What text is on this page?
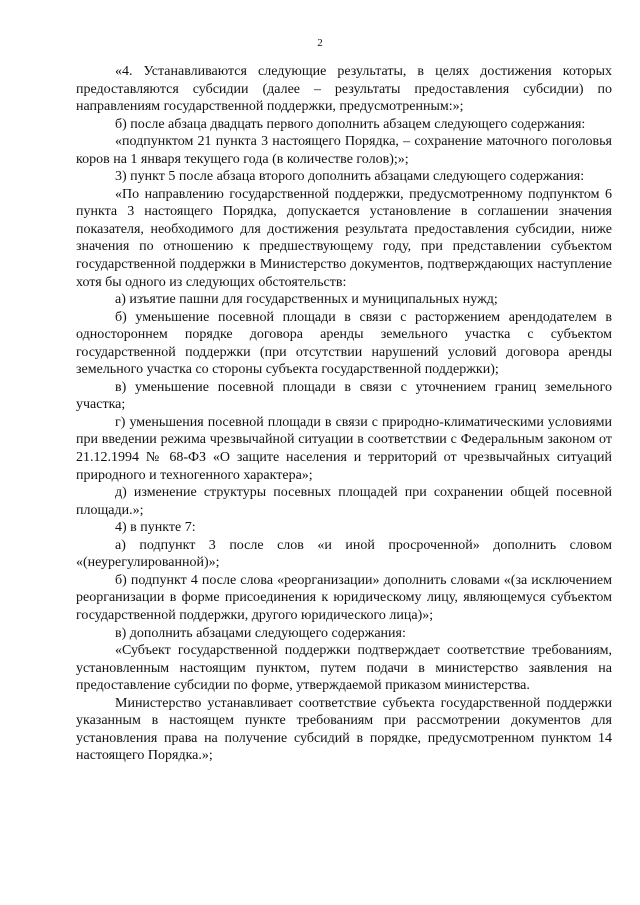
2

«4. Устанавливаются следующие результаты, в целях достижения которых предоставляются субсидии (далее – результаты предоставления субсидии) по направлениям государственной поддержки, предусмотренным:»;

б) после абзаца двадцать первого дополнить абзацем следующего содержания:

«подпунктом 21 пункта 3 настоящего Порядка, – сохранение маточного поголовья коров на 1 января текущего года (в количестве голов);»;

3) пункт 5 после абзаца второго дополнить абзацами следующего содержания:

«По направлению государственной поддержки, предусмотренному подпунктом 6 пункта 3 настоящего Порядка, допускается установление в соглашении значения показателя, необходимого для достижения результата предоставления субсидии, ниже значения по отношению к предшествующему году, при представлении субъектом государственной поддержки в Министерство документов, подтверждающих наступление хотя бы одного из следующих обстоятельств:

а) изъятие пашни для государственных и муниципальных нужд;

б) уменьшение посевной площади в связи с расторжением арендодателем в одностороннем порядке договора аренды земельного участка с субъектом государственной поддержки (при отсутствии нарушений условий договора аренды земельного участка со стороны субъекта государственной поддержки);

в) уменьшение посевной площади в связи с уточнением границ земельного участка;

г) уменьшения посевной площади в связи с природно-климатическими условиями при введении режима чрезвычайной ситуации в соответствии с Федеральным законом от 21.12.1994 № 68-ФЗ «О защите населения и территорий от чрезвычайных ситуаций природного и техногенного характера»;

д) изменение структуры посевных площадей при сохранении общей посевной площади.»;

4) в пункте 7:

а) подпункт 3 после слов «и иной просроченной» дополнить словом «(неурегулированной)»;

б) подпункт 4 после слова «реорганизации» дополнить словами «(за исключением реорганизации в форме присоединения к юридическому лицу, являющемуся субъектом государственной поддержки, другого юридического лица)»;

в) дополнить абзацами следующего содержания:

«Субъект государственной поддержки подтверждает соответствие требованиям, установленным настоящим пунктом, путем подачи в министерство заявления на предоставление субсидии по форме, утверждаемой приказом министерства.

Министерство устанавливает соответствие субъекта государственной поддержки указанным в настоящем пункте требованиям при рассмотрении документов для установления права на получение субсидий в порядке, предусмотренном пунктом 14 настоящего Порядка.»;
